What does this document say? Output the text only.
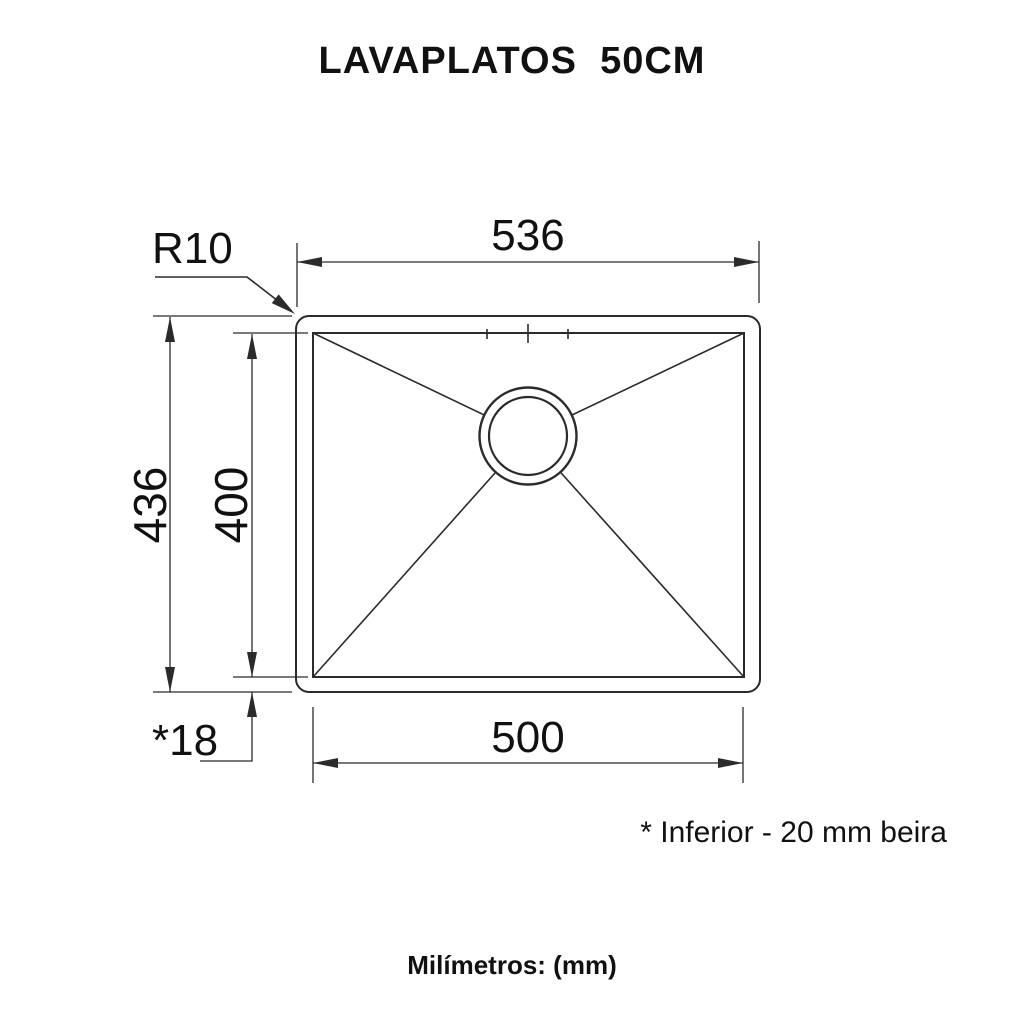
LAVAPLATOS  50CM
536
R10
436 400
*18	500
* Inferior - 20 mm beira
Milímetros: (mm)
